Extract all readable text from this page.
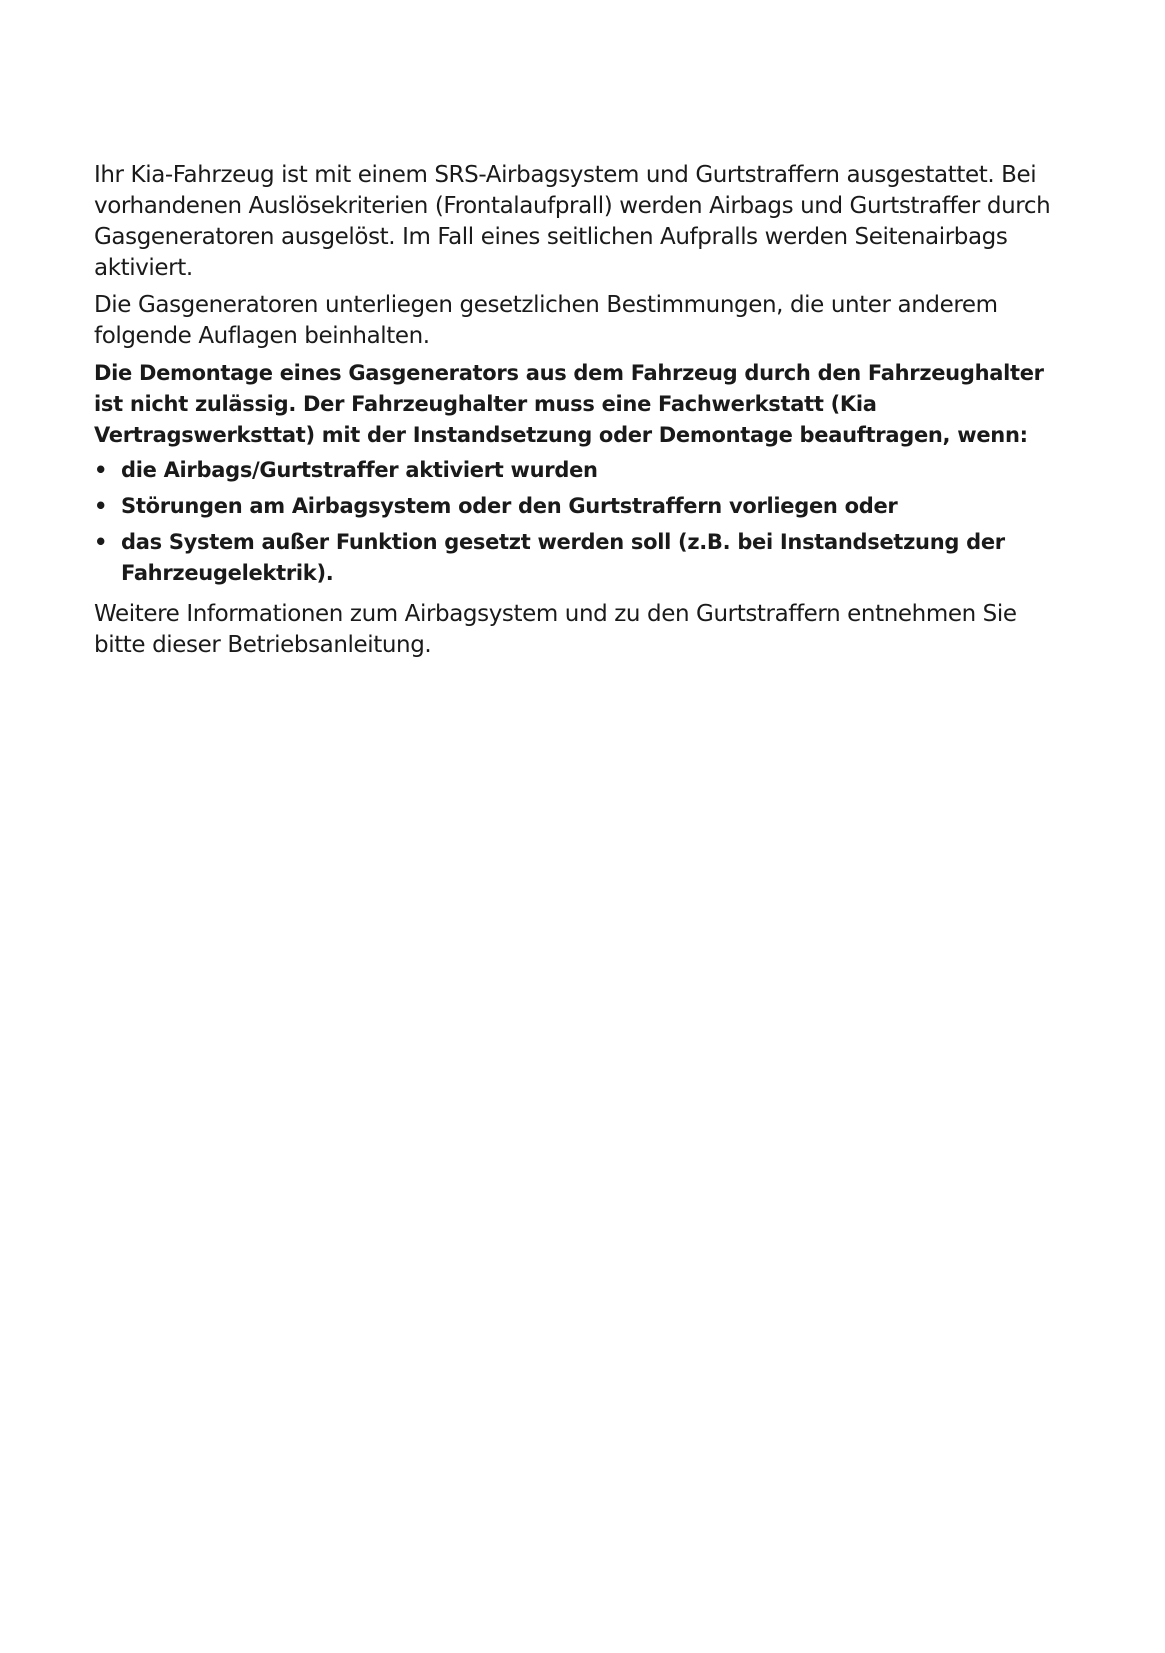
Ihr Kia-Fahrzeug ist mit einem SRS-Airbagsystem und Gurtstraffern ausgestattet. Bei vorhandenen Auslösekriterien (Frontalaufprall) werden Airbags und Gurtstraffer durch Gasgeneratoren ausgelöst. Im Fall eines seitlichen Aufpralls werden Seitenairbags aktiviert.

Die Gasgeneratoren unterliegen gesetzlichen Bestimmungen, die unter anderem folgende Auflagen beinhalten.

Die Demontage eines Gasgenerators aus dem Fahrzeug durch den Fahrzeughalter ist nicht zulässig. Der Fahrzeughalter muss eine Fachwerkstatt (Kia Vertragswerksttat) mit der Instandsetzung oder Demontage beauftragen, wenn:

• die Airbags/Gurtstraffer aktiviert wurden
• Störungen am Airbagsystem oder den Gurtstraffern vorliegen oder
• das System außer Funktion gesetzt werden soll (z.B. bei Instandsetzung der Fahrzeugelektrik).

Weitere Informationen zum Airbagsystem und zu den Gurtstraffern entnehmen Sie bitte dieser Betriebsanleitung.
